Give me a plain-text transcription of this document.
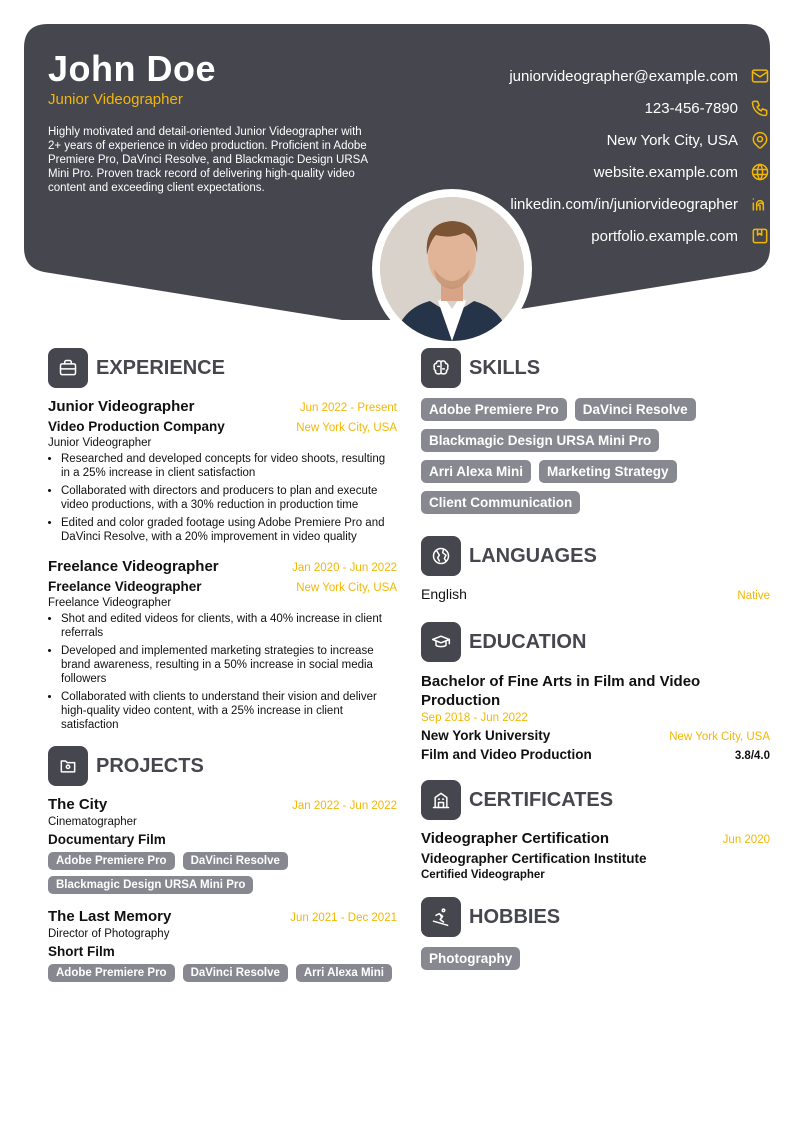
John Doe
Junior Videographer
Highly motivated and detail-oriented Junior Videographer with 2+ years of experience in video production. Proficient in Adobe Premiere Pro, DaVinci Resolve, and Blackmagic Design URSA Mini Pro. Proven track record of delivering high-quality video content and exceeding client expectations.
juniorvideographer@example.com
123-456-7890
New York City, USA
website.example.com
linkedin.com/in/juniorvideographer
portfolio.example.com
EXPERIENCE
Junior Videographer	Jun 2022 - Present
Video Production Company	New York City, USA
Junior Videographer
• Researched and developed concepts for video shoots, resulting in a 25% increase in client satisfaction
• Collaborated with directors and producers to plan and execute video productions, with a 30% reduction in production time
• Edited and color graded footage using Adobe Premiere Pro and DaVinci Resolve, with a 20% improvement in video quality
Freelance Videographer	Jan 2020 - Jun 2022
Freelance Videographer	New York City, USA
Freelance Videographer
• Shot and edited videos for clients, with a 40% increase in client referrals
• Developed and implemented marketing strategies to increase brand awareness, resulting in a 50% increase in social media followers
• Collaborated with clients to understand their vision and deliver high-quality video content, with a 25% increase in client satisfaction
PROJECTS
The City	Jan 2022 - Jun 2022
Cinematographer
Documentary Film
Adobe Premiere Pro	DaVinci Resolve
Blackmagic Design URSA Mini Pro
The Last Memory	Jun 2021 - Dec 2021
Director of Photography
Short Film
Adobe Premiere Pro	DaVinci Resolve	Arri Alexa Mini
SKILLS
Adobe Premiere Pro	DaVinci Resolve
Blackmagic Design URSA Mini Pro
Arri Alexa Mini	Marketing Strategy
Client Communication
LANGUAGES
English	Native
EDUCATION
Bachelor of Fine Arts in Film and Video Production
Sep 2018 - Jun 2022
New York University	New York City, USA
Film and Video Production	3.8/4.0
CERTIFICATES
Videographer Certification	Jun 2020
Videographer Certification Institute
Certified Videographer
HOBBIES
Photography
